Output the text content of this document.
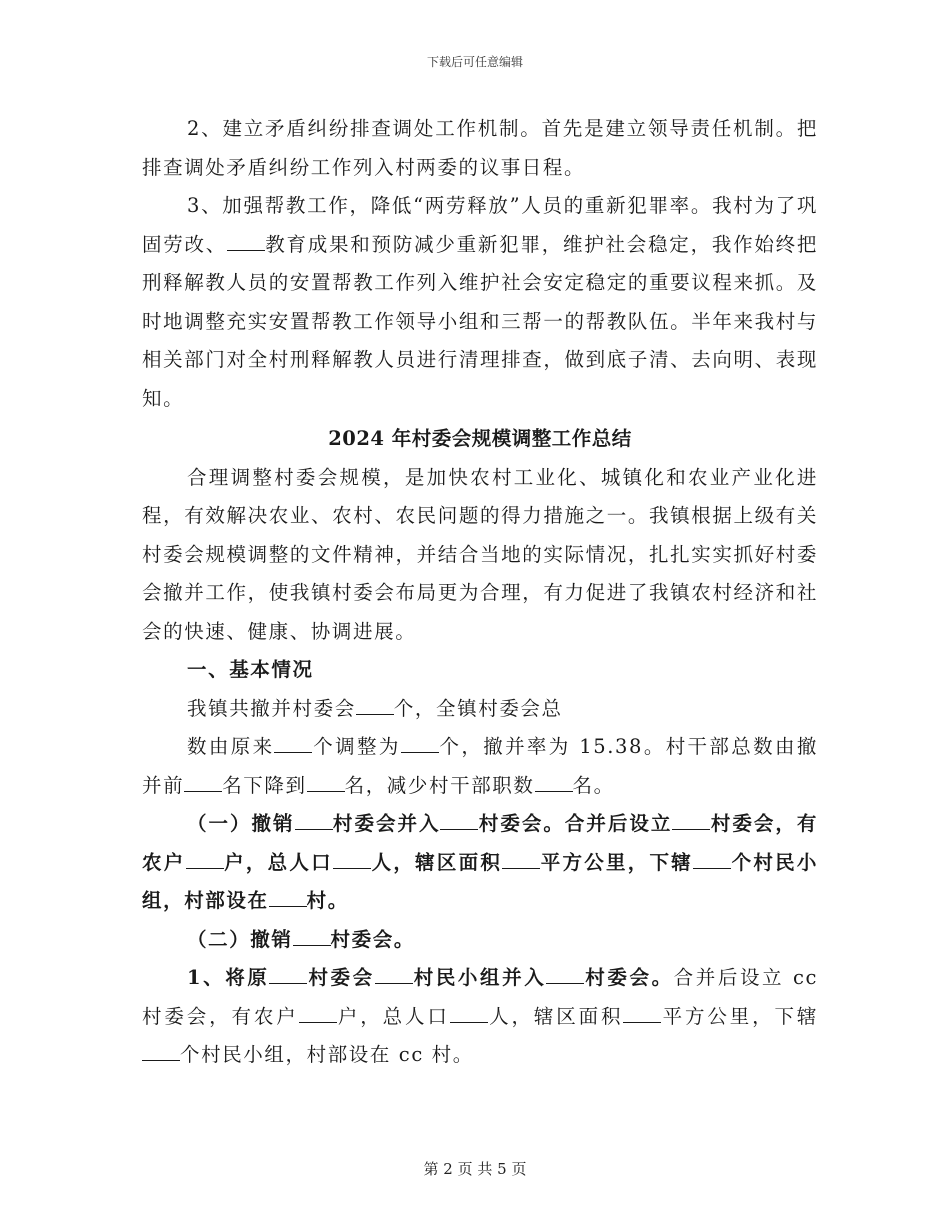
下载后可任意编辑

2、建立矛盾纠纷排查调处工作机制。首先是建立领导责任机制。把排查调处矛盾纠纷工作列入村两委的议事日程。

3、加强帮教工作，降低“两劳释放”人员的重新犯罪率。我村为了巩固劳改、 教育成果和预防减少重新犯罪，维护社会稳定，我作始终把刑释解教人员的安置帮教工作列入维护社会安定稳定的重要议程来抓。及时地调整充实安置帮教工作领导小组和三帮一的帮教队伍。半年来我村与相关部门对全村刑释解教人员进行清理排查，做到底子清、去向明、表现知。

2024 年村委会规模调整工作总结

合理调整村委会规模，是加快农村工业化、城镇化和农业产业化进程，有效解决农业、农村、农民问题的得力措施之一。我镇根据上级有关村委会规模调整的文件精神，并结合当地的实际情况，扎扎实实抓好村委会撤并工作，使我镇村委会布局更为合理，有力促进了我镇农村经济和社会的快速、健康、协调进展。

一、基本情况

我镇共撤并村委会 个，全镇村委会总

数由原来 个调整为 个，撤并率为 15.38。村干部总数由撤并前 名下降到 名，减少村干部职数 名。

（一）撤销 村委会并入 村委会。合并后设立 村委会，有农户 户，总人口 人，辖区面积 平方公里，下辖 个村民小组，村部设在 村。

（二）撤销 村委会。

1、将原 村委会 村民小组并入 村委会。合并后设立 cc 村委会，有农户 户，总人口 人，辖区面积 平方公里，下辖个村民小组，村部设在 cc 村。

第 2 页 共 5 页
